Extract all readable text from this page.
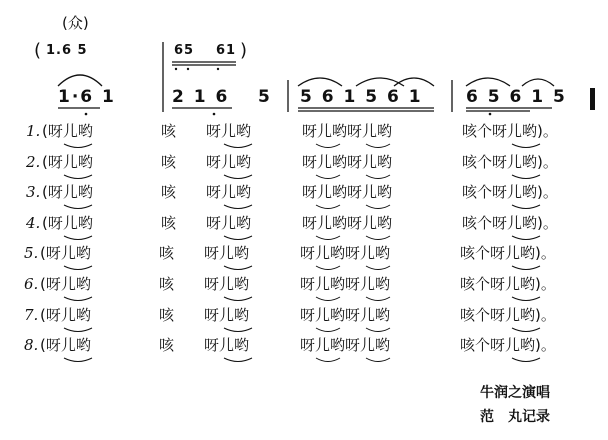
(众)
( 1.6 5	65 61 )
1·6 1	2 1 6 5 5 6 1 5 6 1	6 5 6 1 5
1. (呀儿哟	咳 呀儿哟	呀儿哟呀儿哟	咳个呀儿哟)。
2. (呀儿哟	咳 呀儿哟	呀儿哟呀儿哟	咳个呀儿哟)。
3. (呀儿哟	咳 呀儿哟	呀儿哟呀儿哟	咳个呀儿哟)。
4. (呀儿哟	咳 呀儿哟	呀儿哟呀儿哟	咳个呀儿哟)。
5. (呀儿哟	咳 呀儿哟	呀儿哟呀儿哟	咳个呀儿哟)。
6. (呀儿哟	咳 呀儿哟	呀儿哟呀儿哟	咳个呀儿哟)。
7. (呀儿哟	咳 呀儿哟	呀儿哟呀儿哟	咳个呀儿哟)。
8. (呀儿哟	咳 呀儿哟	呀儿哟呀儿哟	咳个呀儿哟)。
牛润之演唱
范　丸记录
